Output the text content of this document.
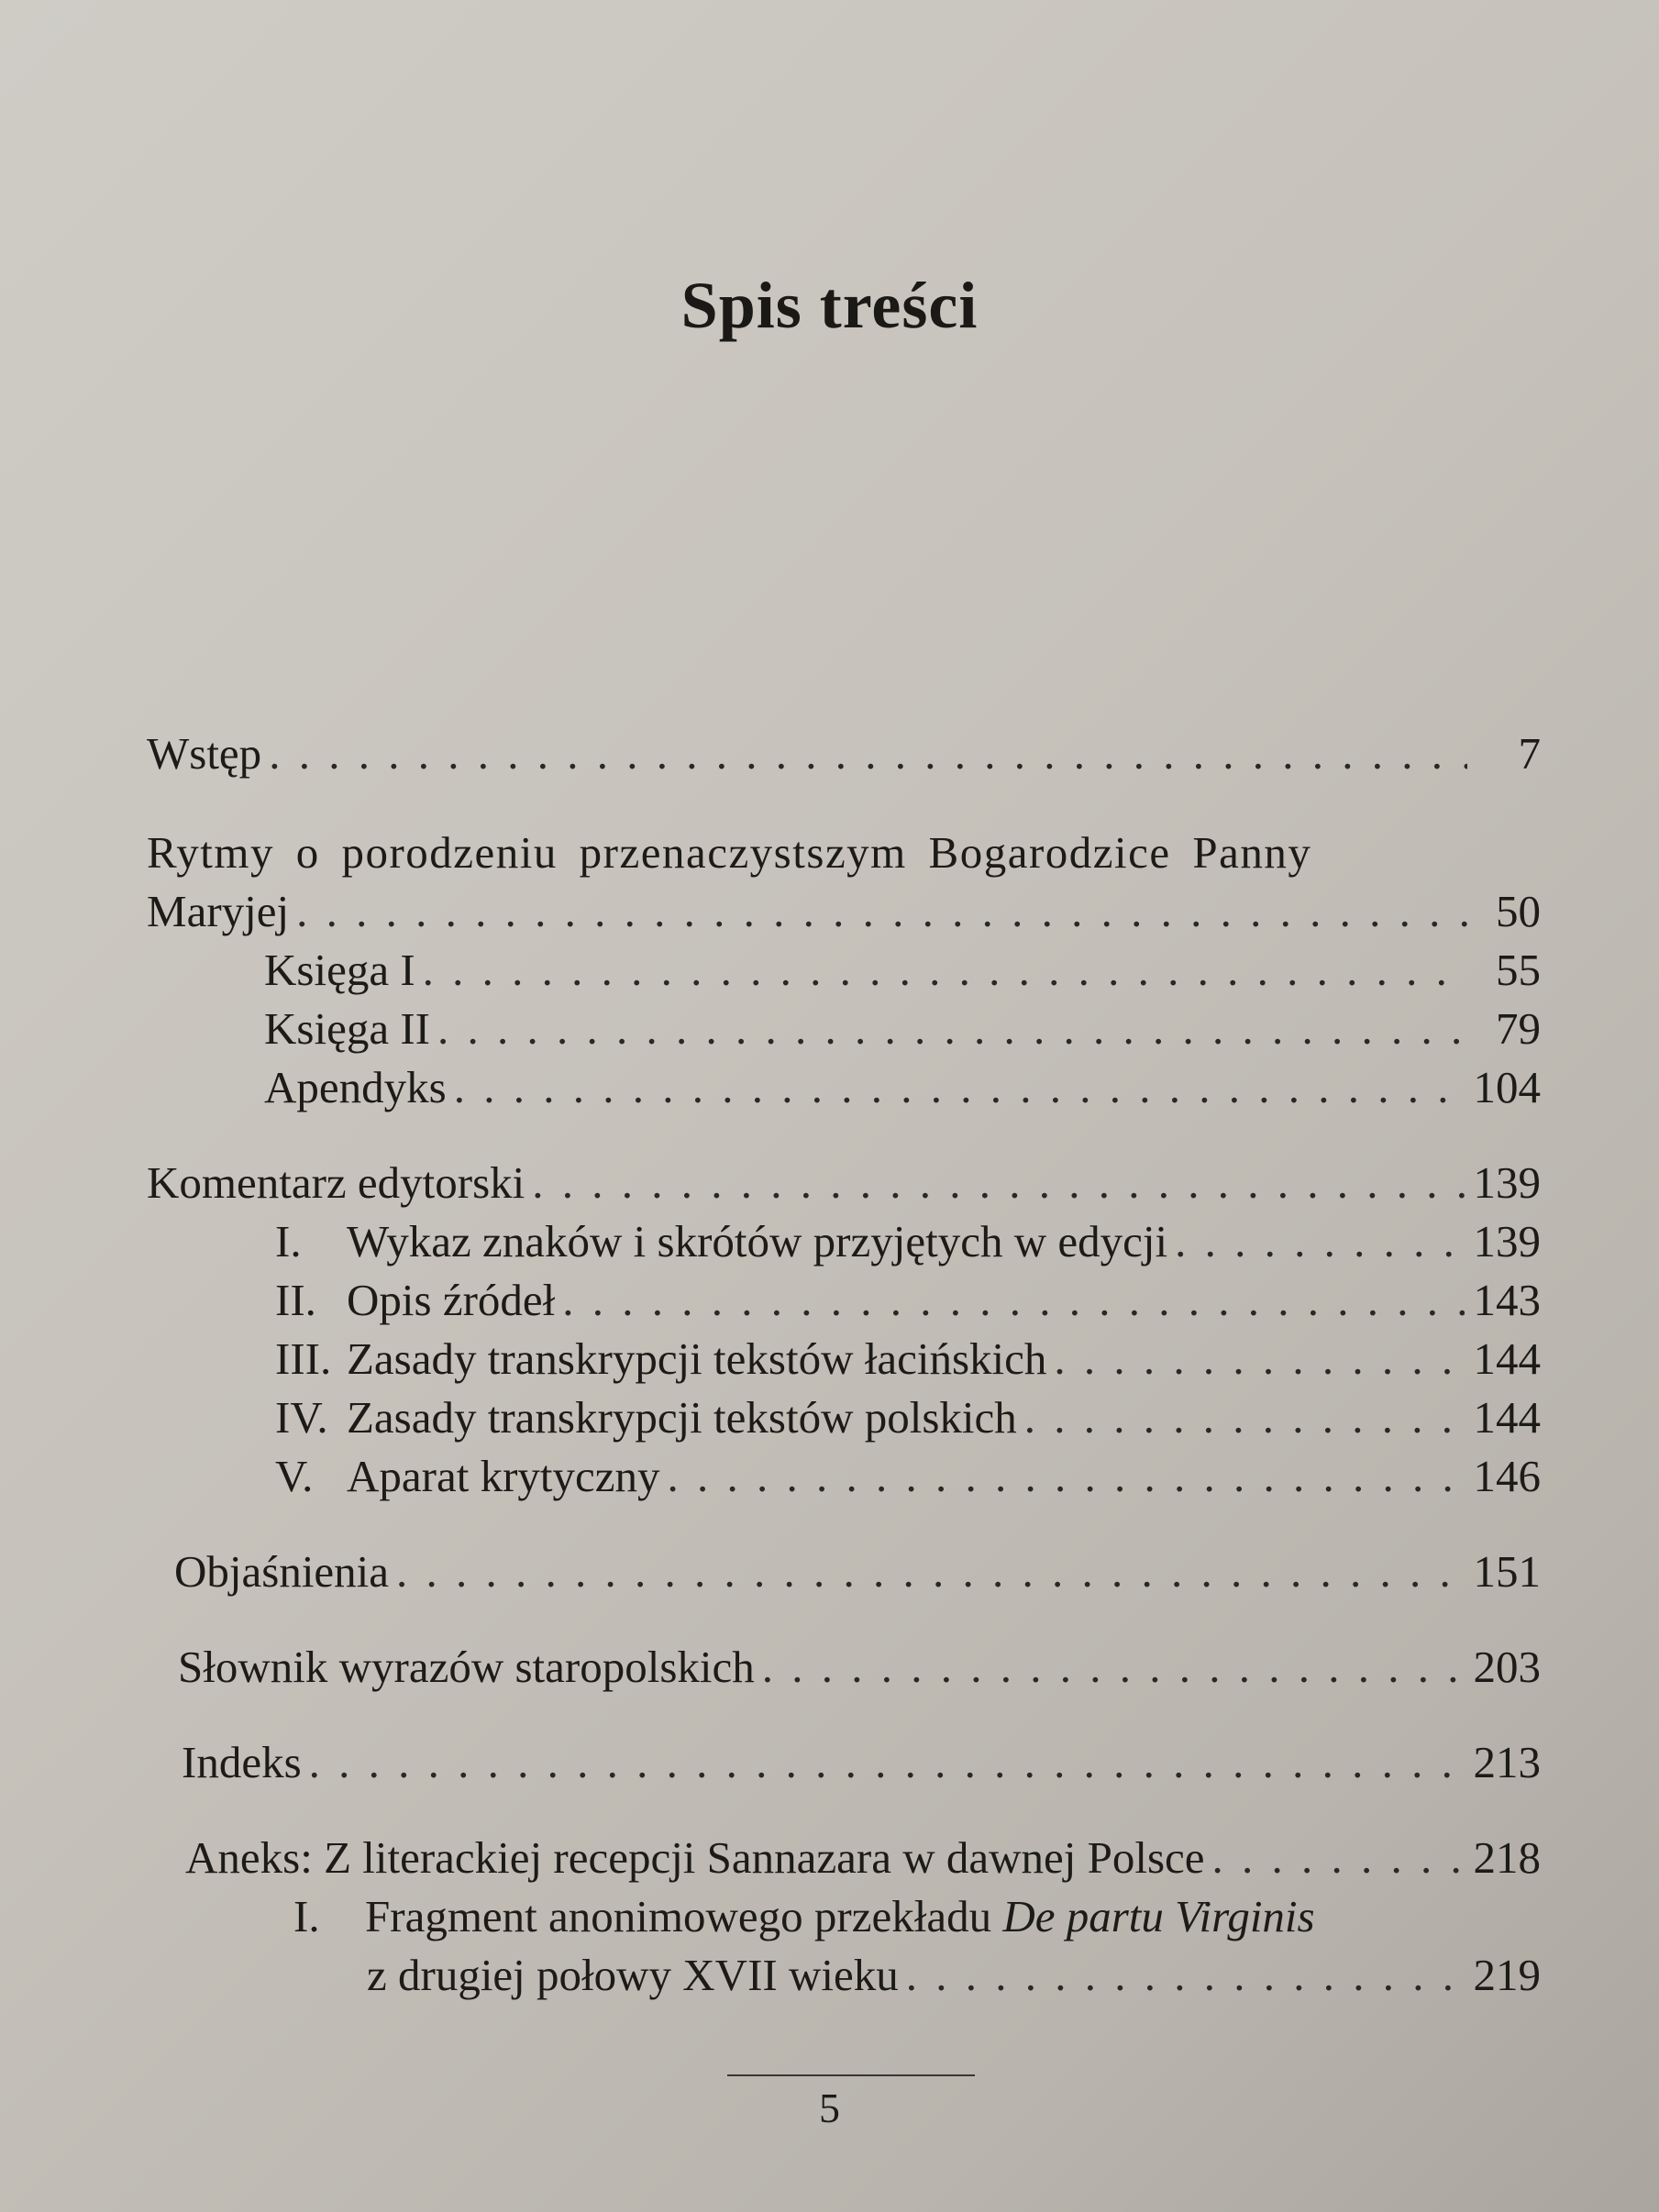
Spis treści
Wstęp . . .	7
Rytmy o porodzeniu przenaczystszym Bogarodzice Panny
Maryjej . . .	50
Księga I . . .	55
Księga II . . .	79
Apendyks . . .	104
Komentarz edytorski . . .	139
I. Wykaz znaków i skrótów przyjętych w edycji . . .	139
II. Opis źródeł . . .	143
III. Zasady transkrypcji tekstów łacińskich . . .	144
IV. Zasady transkrypcji tekstów polskich . . .	144
V. Aparat krytyczny . . .	146
Objaśnienia . . .	151
Słownik wyrazów staropolskich . . .	203
Indeks . . .	213
Aneks: Z literackiej recepcji Sannazara w dawnej Polsce . . .	218
I. Fragment anonimowego przekładu De partu Virginis
z drugiej połowy XVII wieku . . .	219
5
